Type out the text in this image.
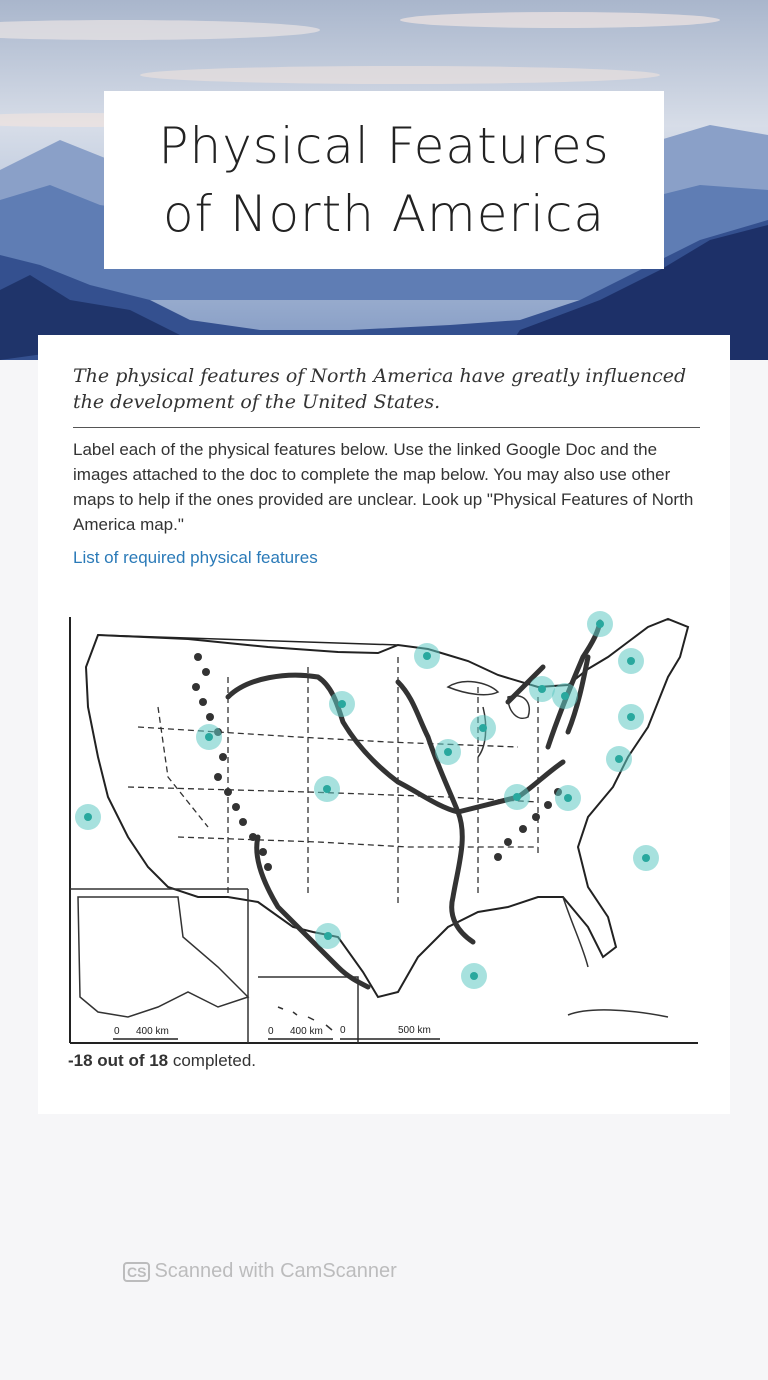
Physical Features
of North America
The physical features of North America have greatly influenced the development of the United States.
Label each of the physical features below. Use the linked Google Doc and the images attached to the doc to complete the map below. You may also use other maps to help if the ones provided are unclear. Look up "Physical Features of North America map."
List of required physical features
0 400 km	0 400 km 0	500 km
CS Scanned with CamScanner
-18 out of 18 completed.
